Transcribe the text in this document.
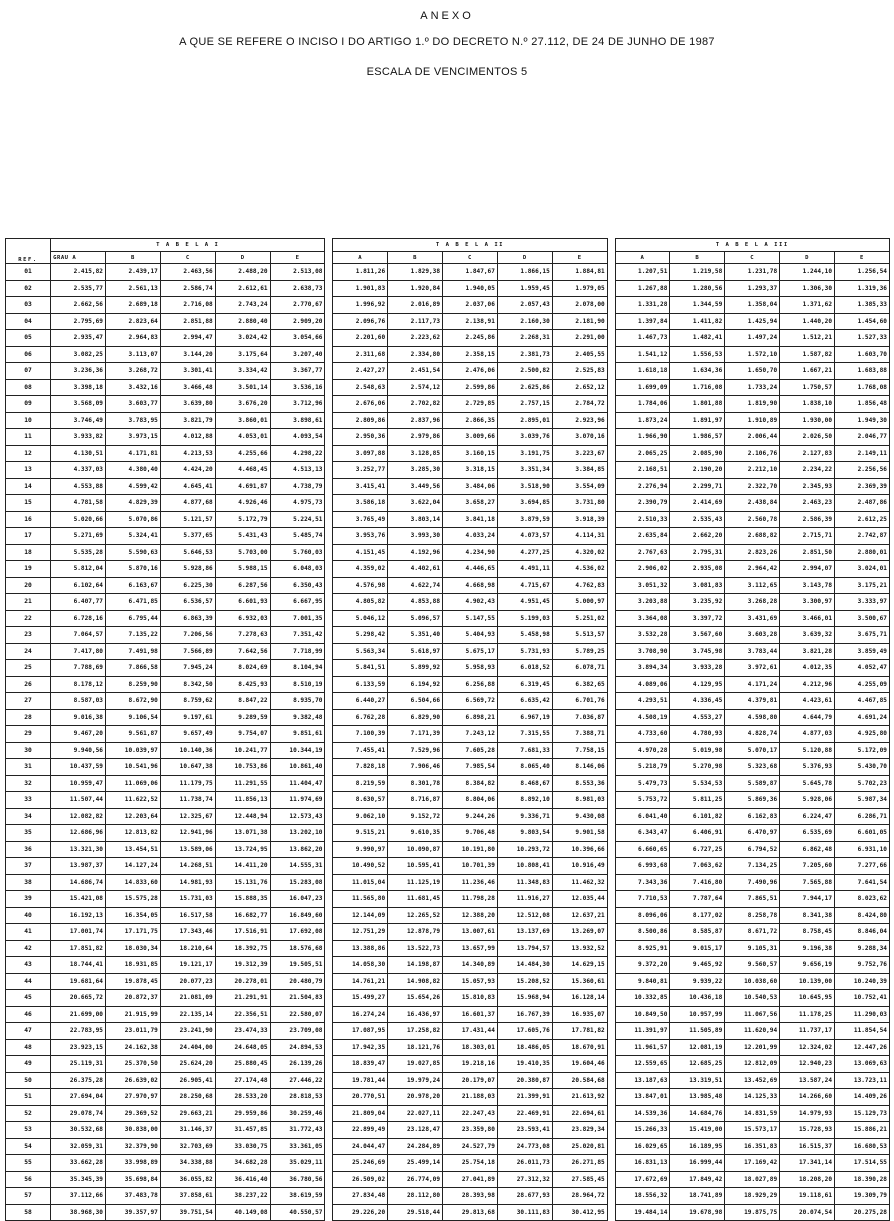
ANEXO
A QUE SE REFERE O INCISO I DO ARTIGO 1.º DO DECRETO N.º 27.112, DE 24 DE JUNHO DE 1987
ESCALA DE VENCIMENTOS 5
REF.	T A B E L A I						T A B E L A II						T A B E L A III				
	GRAU A	B	C	D	E		A	B	C	D	E		A	B	C	D	E
01	2.415,82	2.439,17	2.463,56	2.488,20	2.513,08		1.811,26	1.829,38	1.847,67	1.866,15	1.884,81		1.207,51	1.219,58	1.231,78	1.244,10	1.256,54
02	2.535,77	2.561,13	2.586,74	2.612,61	2.638,73		1.901,83	1.920,84	1.940,05	1.959,45	1.979,05		1.267,88	1.280,56	1.293,37	1.306,30	1.319,36
03	2.662,56	2.689,18	2.716,08	2.743,24	2.770,67		1.996,92	2.016,89	2.037,06	2.057,43	2.078,00		1.331,28	1.344,59	1.358,04	1.371,62	1.385,33
04	2.795,69	2.823,64	2.851,88	2.880,40	2.909,20		2.096,76	2.117,73	2.138,91	2.160,30	2.181,90		1.397,84	1.411,82	1.425,94	1.440,20	1.454,60
05	2.935,47	2.964,83	2.994,47	3.024,42	3.054,66		2.201,60	2.223,62	2.245,86	2.268,31	2.291,00		1.467,73	1.482,41	1.497,24	1.512,21	1.527,33
06	3.082,25	3.113,07	3.144,20	3.175,64	3.207,40		2.311,68	2.334,80	2.358,15	2.381,73	2.405,55		1.541,12	1.556,53	1.572,10	1.587,82	1.603,70
07	3.236,36	3.268,72	3.301,41	3.334,42	3.367,77		2.427,27	2.451,54	2.476,06	2.500,82	2.525,83		1.618,18	1.634,36	1.650,70	1.667,21	1.683,88
08	3.398,18	3.432,16	3.466,48	3.501,14	3.536,16		2.548,63	2.574,12	2.599,86	2.625,86	2.652,12		1.699,09	1.716,08	1.733,24	1.750,57	1.768,08
09	3.568,09	3.603,77	3.639,80	3.676,20	3.712,96		2.676,06	2.702,82	2.729,85	2.757,15	2.784,72		1.784,06	1.801,88	1.819,90	1.838,10	1.856,48
10	3.746,49	3.783,95	3.821,79	3.860,01	3.898,61		2.809,86	2.837,96	2.866,35	2.895,01	2.923,96		1.873,24	1.891,97	1.910,89	1.930,00	1.949,30
11	3.933,82	3.973,15	4.012,88	4.053,01	4.093,54		2.950,36	2.979,86	3.009,66	3.039,76	3.070,16		1.966,90	1.986,57	2.006,44	2.026,50	2.046,77
12	4.130,51	4.171,81	4.213,53	4.255,66	4.298,22		3.097,88	3.128,85	3.160,15	3.191,75	3.223,67		2.065,25	2.085,90	2.106,76	2.127,83	2.149,11
13	4.337,03	4.380,40	4.424,20	4.468,45	4.513,13		3.252,77	3.285,30	3.318,15	3.351,34	3.384,85		2.168,51	2.190,20	2.212,10	2.234,22	2.256,56
14	4.553,88	4.599,42	4.645,41	4.691,87	4.738,79		3.415,41	3.449,56	3.484,06	3.518,90	3.554,09		2.276,94	2.299,71	2.322,70	2.345,93	2.369,39
15	4.781,58	4.829,39	4.877,68	4.926,46	4.975,73		3.586,18	3.622,04	3.658,27	3.694,85	3.731,80		2.390,79	2.414,69	2.438,84	2.463,23	2.487,86
16	5.020,66	5.070,86	5.121,57	5.172,79	5.224,51		3.765,49	3.803,14	3.841,18	3.879,59	3.918,39		2.510,33	2.535,43	2.560,78	2.586,39	2.612,25
17	5.271,69	5.324,41	5.377,65	5.431,43	5.485,74		3.953,76	3.993,30	4.033,24	4.073,57	4.114,31		2.635,84	2.662,20	2.688,82	2.715,71	2.742,87
18	5.535,28	5.590,63	5.646,53	5.703,00	5.760,03		4.151,45	4.192,96	4.234,90	4.277,25	4.320,02		2.767,63	2.795,31	2.823,26	2.851,50	2.880,01
19	5.812,04	5.870,16	5.928,86	5.988,15	6.048,03		4.359,02	4.402,61	4.446,65	4.491,11	4.536,02		2.906,02	2.935,08	2.964,42	2.994,07	3.024,01
20	6.102,64	6.163,67	6.225,30	6.287,56	6.350,43		4.576,98	4.622,74	4.668,98	4.715,67	4.762,83		3.051,32	3.081,83	3.112,65	3.143,78	3.175,21
21	6.407,77	6.471,85	6.536,57	6.601,93	6.667,95		4.805,82	4.853,88	4.902,43	4.951,45	5.000,97		3.203,88	3.235,92	3.268,28	3.300,97	3.333,97
22	6.728,16	6.795,44	6.863,39	6.932,03	7.001,35		5.046,12	5.096,57	5.147,55	5.199,03	5.251,02		3.364,08	3.397,72	3.431,69	3.466,01	3.500,67
23	7.064,57	7.135,22	7.206,56	7.278,63	7.351,42		5.298,42	5.351,40	5.404,93	5.458,98	5.513,57		3.532,28	3.567,60	3.603,28	3.639,32	3.675,71
24	7.417,80	7.491,98	7.566,89	7.642,56	7.718,99		5.563,34	5.618,97	5.675,17	5.731,93	5.789,25		3.708,90	3.745,98	3.783,44	3.821,28	3.859,49
25	7.788,69	7.866,58	7.945,24	8.024,69	8.104,94		5.841,51	5.899,92	5.958,93	6.018,52	6.078,71		3.894,34	3.933,28	3.972,61	4.012,35	4.052,47
26	8.178,12	8.259,90	8.342,50	8.425,93	8.510,19		6.133,59	6.194,92	6.256,88	6.319,45	6.382,65		4.089,06	4.129,95	4.171,24	4.212,96	4.255,09
27	8.587,03	8.672,90	8.759,62	8.847,22	8.935,70		6.440,27	6.504,66	6.569,72	6.635,42	6.701,76		4.293,51	4.336,45	4.379,81	4.423,61	4.467,85
28	9.016,38	9.106,54	9.197,61	9.289,59	9.382,48		6.762,28	6.829,90	6.898,21	6.967,19	7.036,87		4.508,19	4.553,27	4.598,80	4.644,79	4.691,24
29	9.467,20	9.561,87	9.657,49	9.754,07	9.851,61		7.100,39	7.171,39	7.243,12	7.315,55	7.388,71		4.733,60	4.780,93	4.828,74	4.877,03	4.925,80
30	9.940,56	10.039,97	10.140,36	10.241,77	10.344,19		7.455,41	7.529,96	7.605,28	7.681,33	7.758,15		4.970,28	5.019,98	5.070,17	5.120,88	5.172,09
31	10.437,59	10.541,96	10.647,38	10.753,86	10.861,40		7.828,18	7.906,46	7.985,54	8.065,40	8.146,06		5.218,79	5.270,98	5.323,68	5.376,93	5.430,70
32	10.959,47	11.069,06	11.179,75	11.291,55	11.404,47		8.219,59	8.301,78	8.384,82	8.468,67	8.553,36		5.479,73	5.534,53	5.589,87	5.645,78	5.702,23
33	11.507,44	11.622,52	11.738,74	11.856,13	11.974,69		8.630,57	8.716,87	8.804,06	8.892,10	8.981,03		5.753,72	5.811,25	5.869,36	5.928,06	5.987,34
34	12.082,82	12.203,64	12.325,67	12.448,94	12.573,43		9.062,10	9.152,72	9.244,26	9.336,71	9.430,08		6.041,40	6.101,82	6.162,83	6.224,47	6.286,71
35	12.686,96	12.813,82	12.941,96	13.071,38	13.202,10		9.515,21	9.610,35	9.706,48	9.803,54	9.901,58		6.343,47	6.406,91	6.470,97	6.535,69	6.601,05
36	13.321,30	13.454,51	13.589,06	13.724,95	13.862,20		9.990,97	10.090,87	10.191,80	10.293,72	10.396,66		6.660,65	6.727,25	6.794,52	6.862,48	6.931,10
37	13.987,37	14.127,24	14.268,51	14.411,20	14.555,31		10.490,52	10.595,41	10.701,39	10.808,41	10.916,49		6.993,68	7.063,62	7.134,25	7.205,60	7.277,66
38	14.686,74	14.833,60	14.981,93	15.131,76	15.283,08		11.015,04	11.125,19	11.236,46	11.348,83	11.462,32		7.343,36	7.416,80	7.490,96	7.565,88	7.641,54
39	15.421,08	15.575,28	15.731,03	15.888,35	16.047,23		11.565,80	11.681,45	11.798,28	11.916,27	12.035,44		7.710,53	7.787,64	7.865,51	7.944,17	8.023,62
40	16.192,13	16.354,05	16.517,58	16.682,77	16.849,60		12.144,09	12.265,52	12.388,20	12.512,08	12.637,21		8.096,06	8.177,02	8.258,78	8.341,38	8.424,80
41	17.001,74	17.171,75	17.343,46	17.516,91	17.692,08		12.751,29	12.878,79	13.007,61	13.137,69	13.269,07		8.500,86	8.585,87	8.671,72	8.758,45	8.846,04
42	17.851,82	18.030,34	18.210,64	18.392,75	18.576,68		13.388,86	13.522,73	13.657,99	13.794,57	13.932,52		8.925,91	9.015,17	9.105,31	9.196,38	9.288,34
43	18.744,41	18.931,85	19.121,17	19.312,39	19.505,51		14.058,30	14.198,87	14.340,89	14.484,30	14.629,15		9.372,20	9.465,92	9.560,57	9.656,19	9.752,76
44	19.681,64	19.878,45	20.077,23	20.278,01	20.480,79		14.761,21	14.908,82	15.057,93	15.208,52	15.360,61		9.840,81	9.939,22	10.038,60	10.139,00	10.240,39
45	20.665,72	20.872,37	21.081,09	21.291,91	21.504,83		15.499,27	15.654,26	15.810,83	15.968,94	16.128,14		10.332,85	10.436,18	10.540,53	10.645,95	10.752,41
46	21.699,00	21.915,99	22.135,14	22.356,51	22.580,07		16.274,24	16.436,97	16.601,37	16.767,39	16.935,07		10.849,50	10.957,99	11.067,56	11.178,25	11.290,03
47	22.783,95	23.011,79	23.241,90	23.474,33	23.709,08		17.087,95	17.258,82	17.431,44	17.605,76	17.781,82		11.391,97	11.505,89	11.620,94	11.737,17	11.854,54
48	23.923,15	24.162,38	24.404,00	24.648,05	24.894,53		17.942,35	18.121,76	18.303,01	18.486,05	18.670,91		11.961,57	12.081,19	12.201,99	12.324,02	12.447,26
49	25.119,31	25.370,50	25.624,20	25.880,45	26.139,26		18.839,47	19.027,85	19.218,16	19.410,35	19.604,46		12.559,65	12.685,25	12.812,09	12.940,23	13.069,63
50	26.375,28	26.639,02	26.905,41	27.174,48	27.446,22		19.781,44	19.979,24	20.179,07	20.380,87	20.584,68		13.187,63	13.319,51	13.452,69	13.587,24	13.723,11
51	27.694,04	27.970,97	28.250,68	28.533,20	28.818,53		20.770,51	20.978,20	21.188,03	21.399,91	21.613,92		13.847,01	13.985,48	14.125,33	14.266,60	14.409,26
52	29.078,74	29.369,52	29.663,21	29.959,86	30.259,46		21.809,04	22.027,11	22.247,43	22.469,91	22.694,61		14.539,36	14.684,76	14.831,59	14.979,93	15.129,73
53	30.532,68	30.838,00	31.146,37	31.457,85	31.772,43		22.899,49	23.128,47	23.359,80	23.593,41	23.829,34		15.266,33	15.419,00	15.573,17	15.728,93	15.886,21
54	32.059,31	32.379,90	32.703,69	33.030,75	33.361,05		24.044,47	24.284,89	24.527,79	24.773,08	25.020,81		16.029,65	16.189,95	16.351,83	16.515,37	16.680,53
55	33.662,28	33.998,89	34.338,88	34.682,28	35.029,11		25.246,69	25.499,14	25.754,18	26.011,73	26.271,85		16.831,13	16.999,44	17.169,42	17.341,14	17.514,55
56	35.345,39	35.698,84	36.055,82	36.416,40	36.780,56		26.509,02	26.774,09	27.041,89	27.312,32	27.585,45		17.672,69	17.849,42	18.027,89	18.208,20	18.390,28
57	37.112,66	37.483,78	37.858,61	38.237,22	38.619,59		27.834,48	28.112,80	28.393,98	28.677,93	28.964,72		18.556,32	18.741,89	18.929,29	19.118,61	19.309,79
58	38.968,30	39.357,97	39.751,54	40.149,08	40.550,57		29.226,20	29.518,44	29.813,68	30.111,83	30.412,95		19.484,14	19.678,98	19.875,75	20.074,54	20.275,28
